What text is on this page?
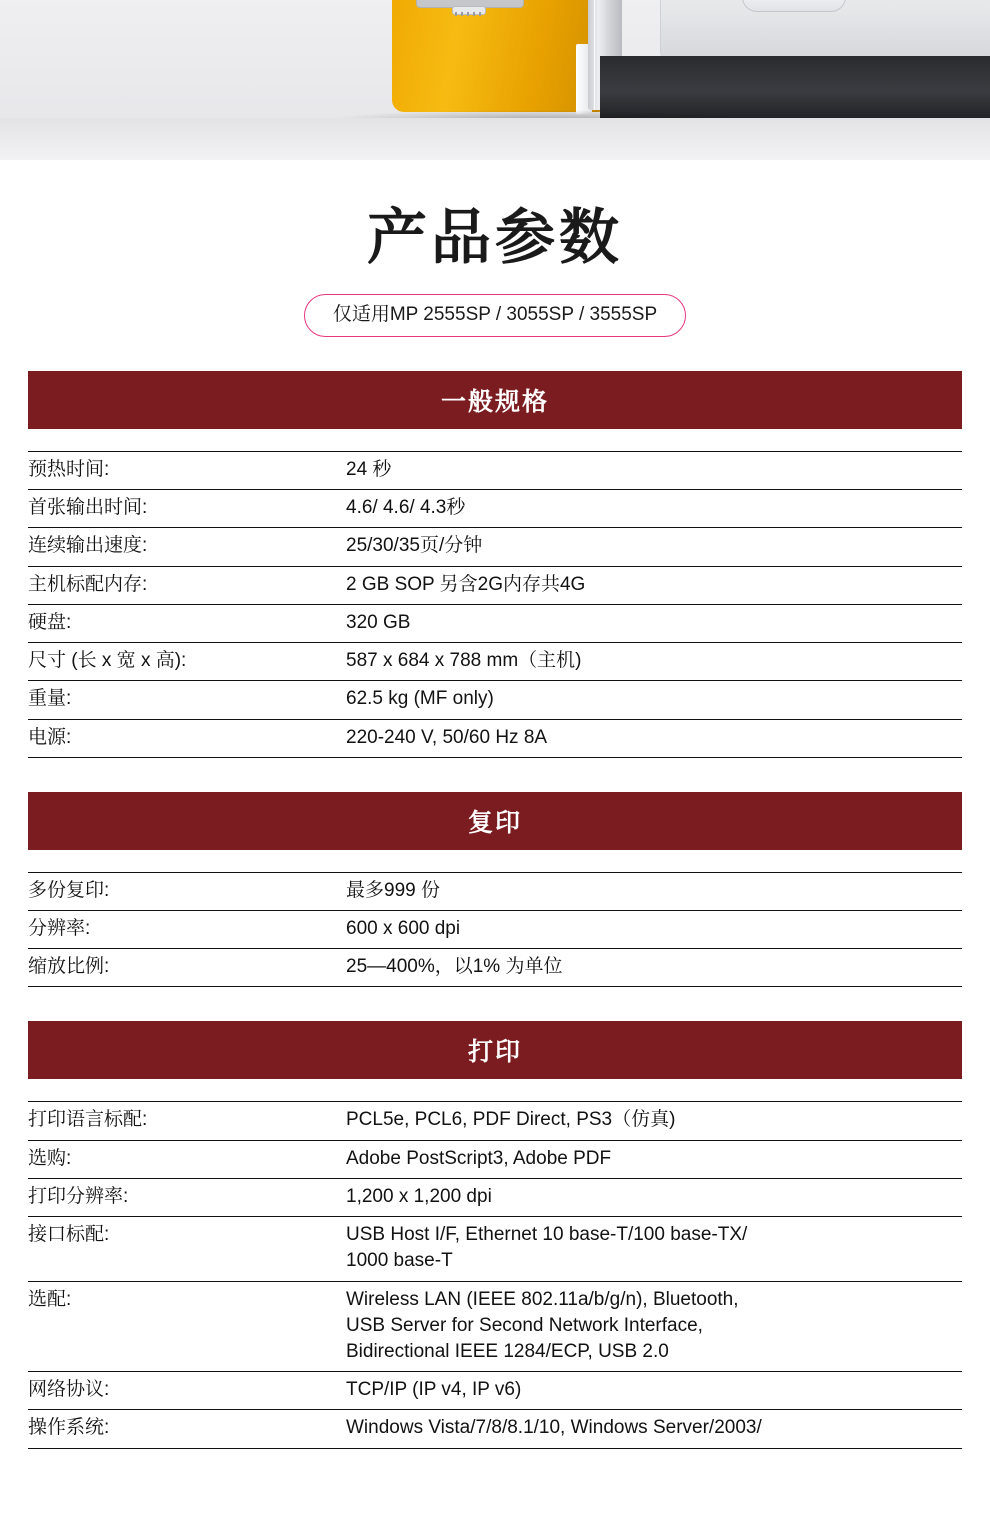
产品参数
仅适用MP 2555SP / 3055SP / 3555SP
一般规格
预热时间:	24 秒
首张输出时间:	4.6/ 4.6/ 4.3秒
连续输出速度:	25/30/35页/分钟
主机标配内存:	2 GB SOP 另含2G内存共4G
硬盘:	320 GB
尺寸 (长 x 宽 x 高):	587 x 684 x 788 mm（主机)
重量:	62.5 kg (MF only)
电源:	220-240 V, 50/60 Hz 8A
复印
多份复印:	最多999 份
分辨率:	600 x 600 dpi
缩放比例:	25—400%，以1% 为单位
打印
打印语言标配:	PCL5e, PCL6, PDF Direct, PS3（仿真)
选购:	Adobe PostScript3, Adobe PDF
打印分辨率:	1,200 x 1,200 dpi
接口标配:	USB Host I/F, Ethernet 10 base-T/100 base-TX/
1000 base-T

选配:	Wireless LAN (IEEE 802.11a/b/g/n), Bluetooth,
USB Server for Second Network Interface,
Bidirectional IEEE 1284/ECP, USB 2.0

网络协议:	TCP/IP (IP v4, IP v6)
操作系统:	Windows Vista/7/8/8.1/10, Windows Server/2003/
